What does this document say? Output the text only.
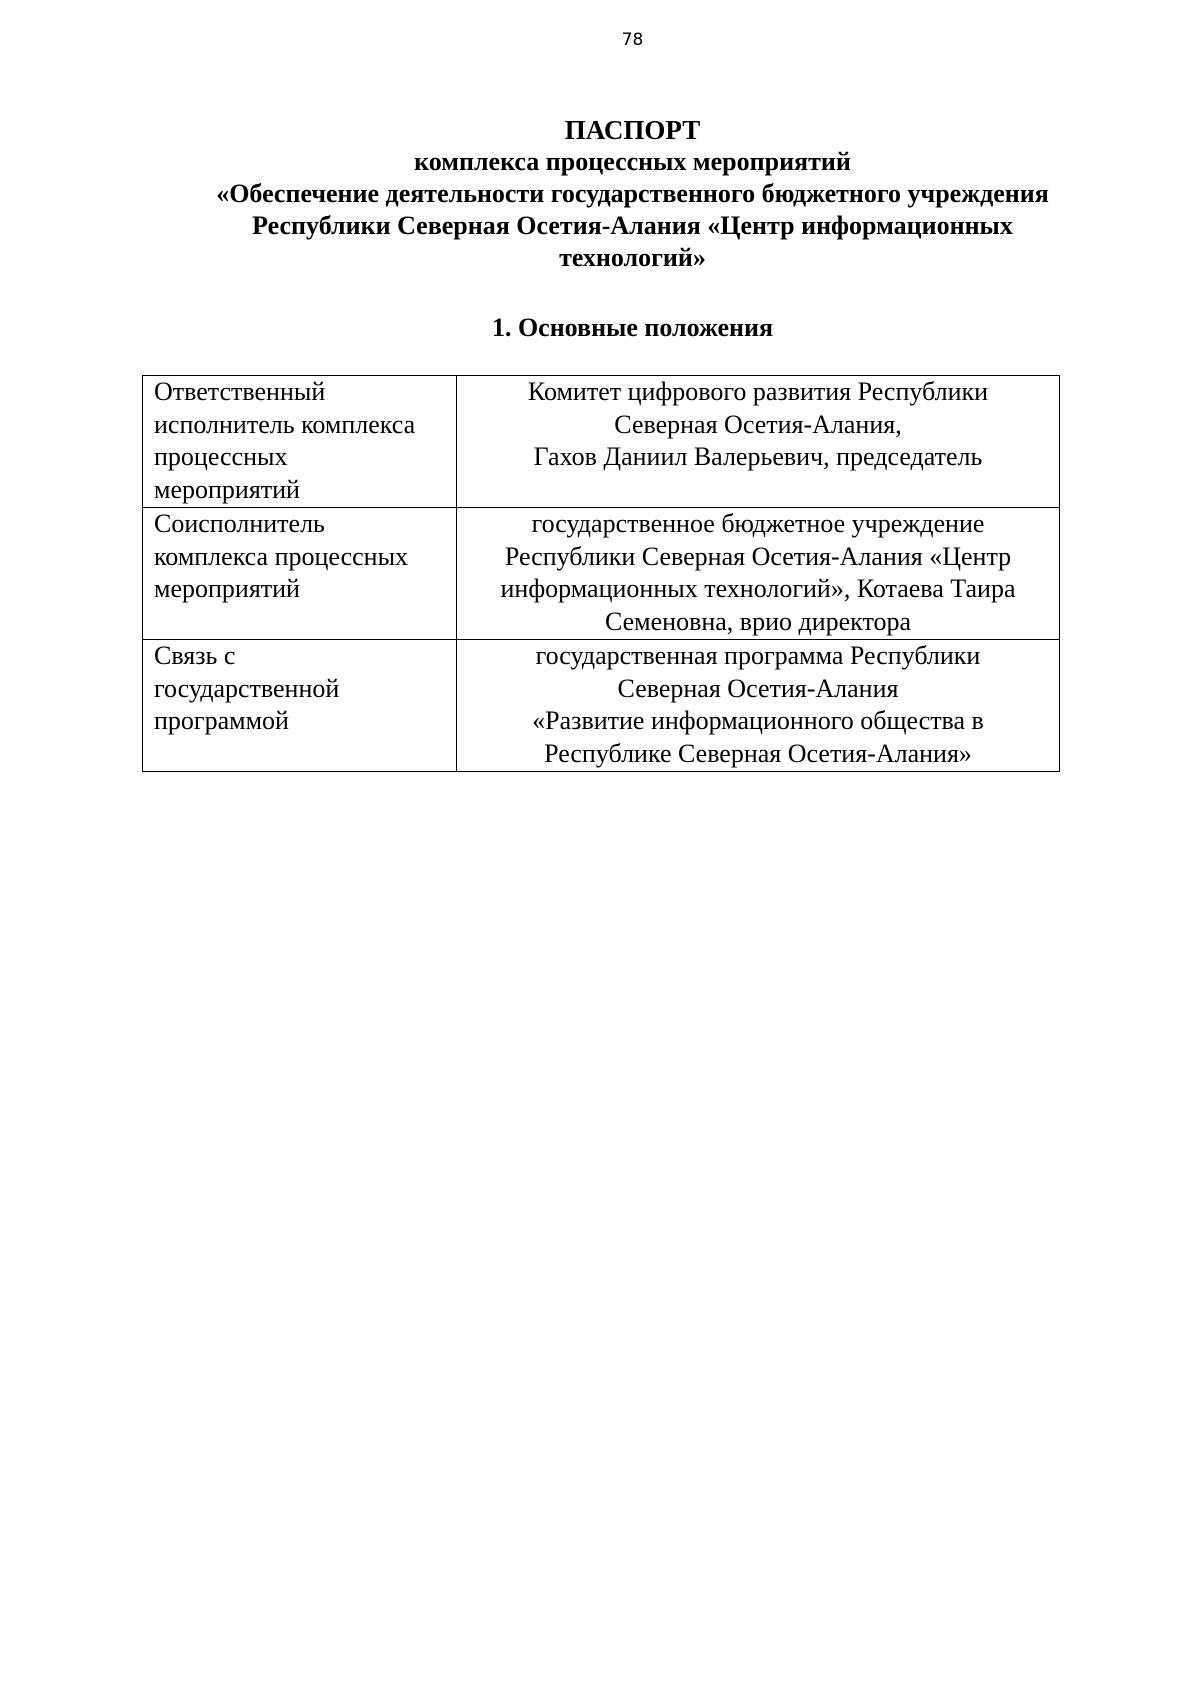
78
ПАСПОРТ
комплекса процессных мероприятий
«Обеспечение деятельности государственного бюджетного учреждения
Республики Северная Осетия-Алания «Центр информационных
технологий»
1. Основные положения
Ответственный
исполнитель комплекса
процессных
мероприятий	Комитет цифрового развития Республики
Северная Осетия-Алания,
Гахов Даниил Валерьевич, председатель

Соисполнитель
комплекса процессных
мероприятий	государственное бюджетное учреждение
Республики Северная Осетия-Алания «Центр
информационных технологий», Котаева Таира
Семеновна, врио директора

Связь с
государственной
программой	государственная программа Республики
Северная Осетия-Алания
«Развитие информационного общества в
Республике Северная Осетия-Алания»
